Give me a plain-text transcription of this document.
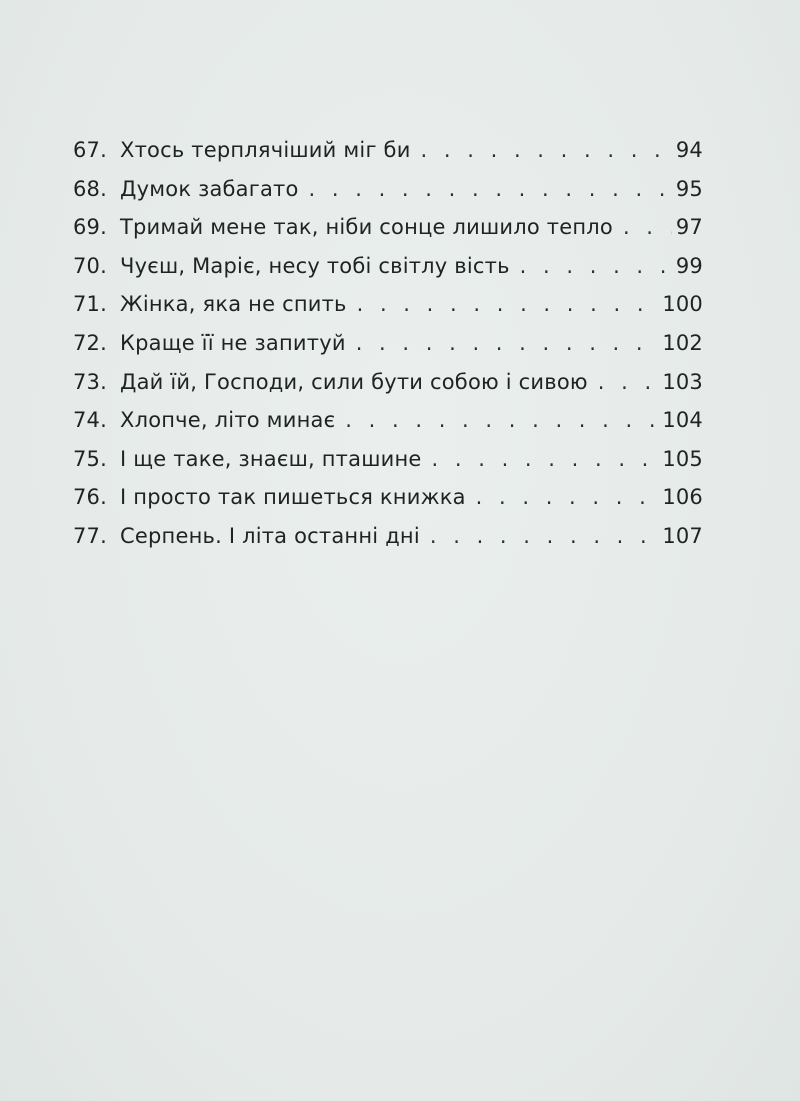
67. Хтось терплячіший міг би . . .	94
68. Думок забагато . . .	95
69. Тримай мене так, ніби сонце лишило тепло . . .	97
70. Чуєш, Маріє, несу тобі світлу вість . . .	99
71. Жінка, яка не спить . . .	100
72. Краще її не запитуй . . .	102
73. Дай їй, Господи, сили бути собою і сивою . . .	103
74. Хлопче, літо минає . . .	104
75. І ще таке, знаєш, пташине . . .	105
76. І просто так пишеться книжка . . .	106
77. Серпень. І літа останні дні . . .	107
